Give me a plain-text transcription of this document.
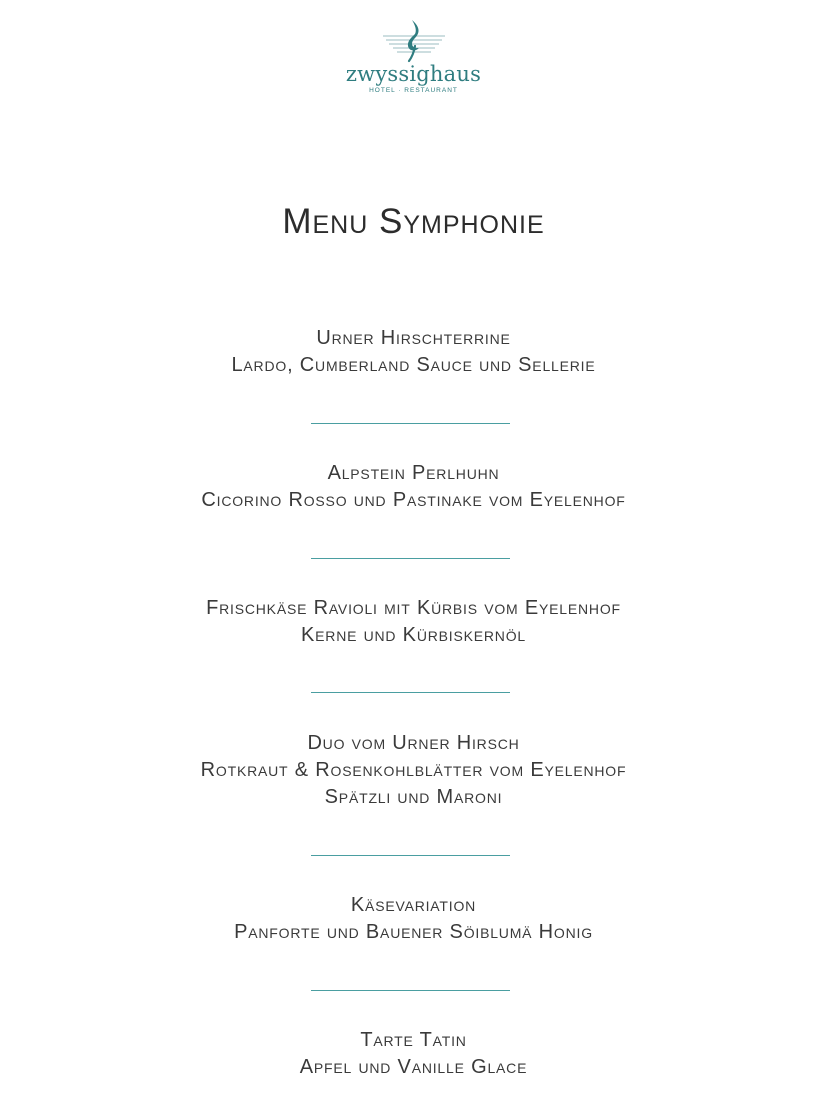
zwyssighaus
HOTEL · RESTAURANT
Menu Symphonie
Urner Hirschterrine
Lardo, Cumberland Sauce und Sellerie
Alpstein Perlhuhn
Cicorino Rosso und Pastinake vom Eyelenhof
Frischkäse Ravioli mit Kürbis vom Eyelenhof
Kerne und Kürbiskernöl
Duo vom Urner Hirsch
Rotkraut & Rosenkohlblätter vom Eyelenhof
Spätzli und Maroni
Käsevariation
Panforte und Bauener Söiblumä Honig
Tarte Tatin
Apfel und Vanille Glace
